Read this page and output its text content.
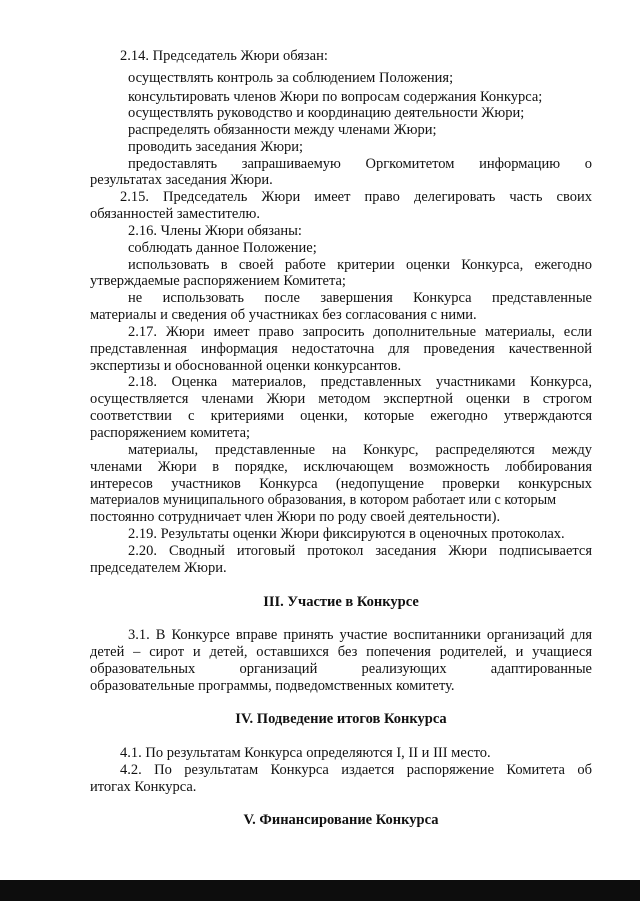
2.14. Председатель Жюри обязан:
осуществлять контроль за соблюдением Положения;
консультировать членов Жюри по вопросам содержания Конкурса;
осуществлять руководство и координацию деятельности Жюри;
распределять обязанности между членами Жюри;
проводить заседания Жюри;
предоставлять запрашиваемую Оргкомитетом информацию о
результатах заседания Жюри.
2.15. Председатель Жюри имеет право делегировать часть своих
обязанностей заместителю.
2.16. Члены Жюри обязаны:
соблюдать данное Положение;
использовать в своей работе критерии оценки Конкурса, ежегодно
утверждаемые распоряжением Комитета;
не использовать после завершения Конкурса представленные
материалы и сведения об участниках без согласования с ними.
2.17. Жюри имеет право запросить дополнительные материалы, если
представленная информация недостаточна для проведения качественной
экспертизы и обоснованной оценки конкурсантов.
2.18. Оценка материалов, представленных участниками Конкурса,
осуществляется членами Жюри методом экспертной оценки в строгом
соответствии с критериями оценки, которые ежегодно утверждаются
распоряжением комитета;
материалы, представленные на Конкурс, распределяются между
членами Жюри в порядке, исключающем возможность лоббирования
интересов участников Конкурса (недопущение проверки конкурсных
материалов муниципального образования, в котором работает или с которым
постоянно сотрудничает член Жюри по роду своей деятельности).
2.19. Результаты оценки Жюри фиксируются в оценочных протоколах.
2.20. Сводный итоговый протокол заседания Жюри подписывается
председателем Жюри.
III. Участие в Конкурсе
3.1. В Конкурсе вправе принять участие воспитанники организаций для
детей – сирот и детей, оставшихся без попечения родителей, и учащиеся
образовательных организаций реализующих адаптированные
образовательные программы, подведомственных комитету.
IV. Подведение итогов Конкурса
4.1. По результатам Конкурса определяются I, II и III место.
4.2. По результатам Конкурса издается распоряжение Комитета об
итогах Конкурса.
V. Финансирование Конкурса
